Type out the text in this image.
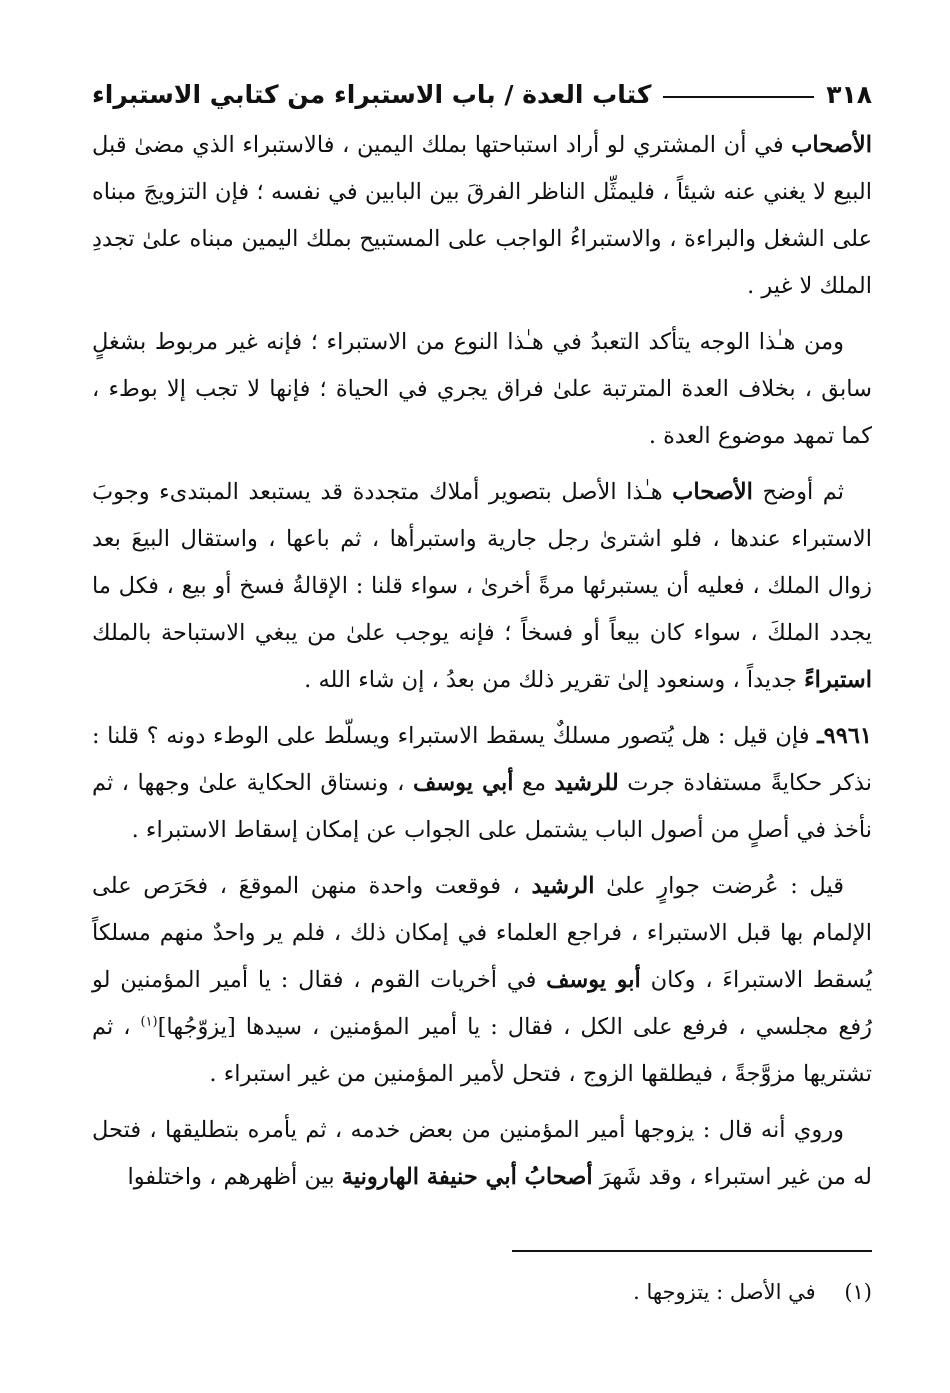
٣١٨
كتاب العدة / باب الاستبراء من كتابي الاستبراء

الأصحاب في أن المشتري لو أراد استباحتها بملك اليمين ، فالاستبراء الذي مضىٰ قبل البيع لا يغني عنه شيئاً ، فليمثِّل الناظر الفرقَ بين البابين في نفسه ؛ فإن التزويجَ مبناه على الشغل والبراءة ، والاستبراءُ الواجب على المستبيح بملك اليمين مبناه علىٰ تجددِ الملك لا غير .

ومن هـٰذا الوجه يتأكد التعبدُ في هـٰذا النوع من الاستبراء ؛ فإنه غير مربوط بشغلٍ سابق ، بخلاف العدة المترتبة علىٰ فراق يجري في الحياة ؛ فإنها لا تجب إلا بوطء ، كما تمهد موضوع العدة .

ثم أوضح الأصحاب هـٰذا الأصل بتصوير أملاك متجددة قد يستبعد المبتدىء وجوبَ الاستبراء عندها ، فلو اشترىٰ رجل جارية واستبرأها ، ثم باعها ، واستقال البيعَ بعد زوال الملك ، فعليه أن يستبرئها مرةً أخرىٰ ، سواء قلنا : الإقالةُ فسخ أو بيع ، فكل ما يجدد الملكَ ، سواء كان بيعاً أو فسخاً ؛ فإنه يوجب علىٰ من يبغي الاستباحة بالملك استبراءً جديداً ، وسنعود إلىٰ تقرير ذلك من بعدُ ، إن شاء الله .

٩٩٦١ـ فإن قيل : هل يُتصور مسلكٌ يسقط الاستبراء ويسلّط على الوطء دونه ؟ قلنا : نذكر حكايةً مستفادة جرت للرشيد مع أبي يوسف ، ونستاق الحكاية علىٰ وجهها ، ثم نأخذ في أصلٍ من أصول الباب يشتمل على الجواب عن إمكان إسقاط الاستبراء .

قيل : عُرضت جوارٍ علىٰ الرشيد ، فوقعت واحدة منهن الموقعَ ، فحَرَص على الإلمام بها قبل الاستبراء ، فراجع العلماء في إمكان ذلك ، فلم ير واحدٌ منهم مسلكاً يُسقط الاستبراءَ ، وكان أبو يوسف في أخريات القوم ، فقال : يا أمير المؤمنين لو رُفع مجلسي ، فرفع على الكل ، فقال : يا أمير المؤمنين ، سيدها [يزوّجُها]$^{(١)}$ ، ثم تشتريها مزوَّجةً ، فيطلقها الزوج ، فتحل لأمير المؤمنين من غير استبراء .

وروي أنه قال : يزوجها أمير المؤمنين من بعض خدمه ، ثم يأمره بتطليقها ، فتحل له من غير استبراء ، وقد شَهرَ أصحابُ أبي حنيفة الهارونية بين أظهرهم ، واختلفوا

(١) في الأصل : يتزوجها .
